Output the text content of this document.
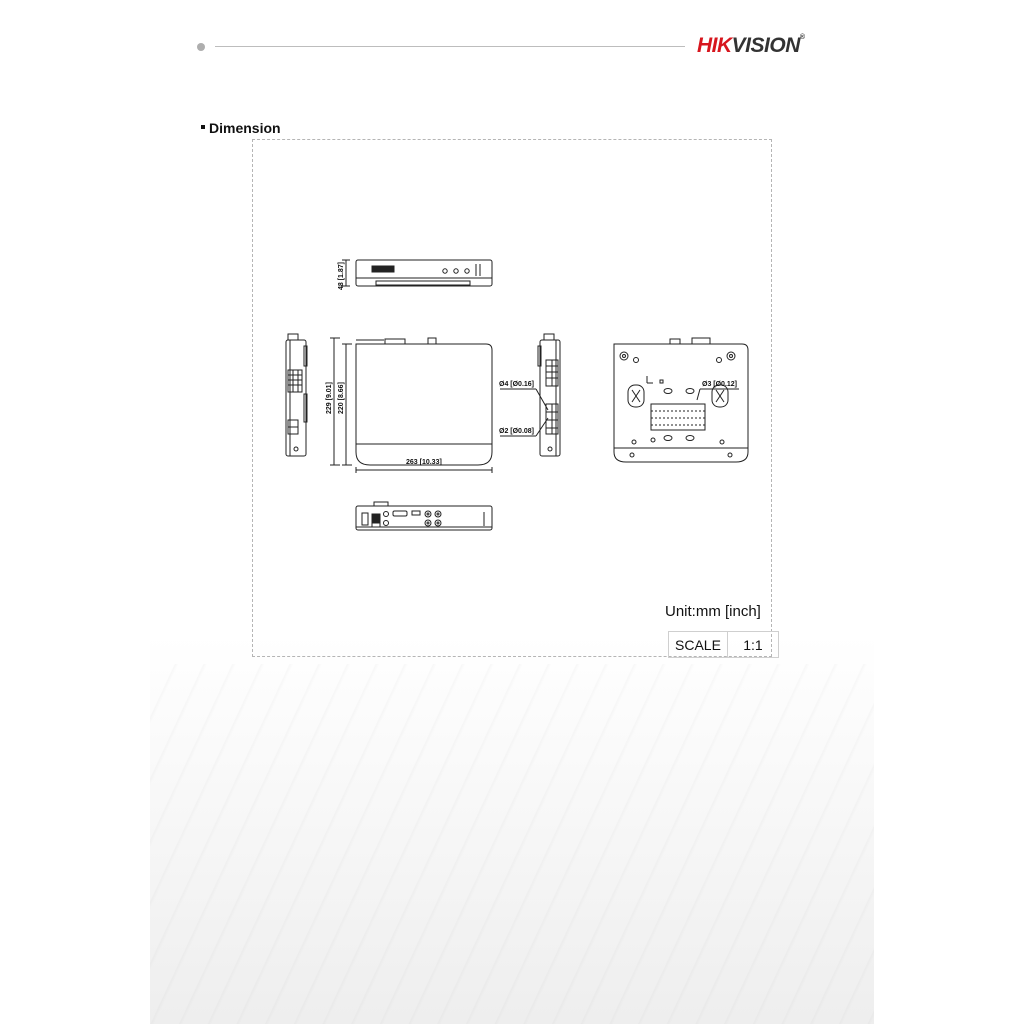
HIKVISION®
Dimension
48 [1.87]
229 [9.01] 220 [8.66]
263 [10.33]
Ø4 [Ø0.16]
Ø2 [Ø0.08]
Ø3 [Ø0.12]
Unit:mm [inch]
SCALE	1:1
